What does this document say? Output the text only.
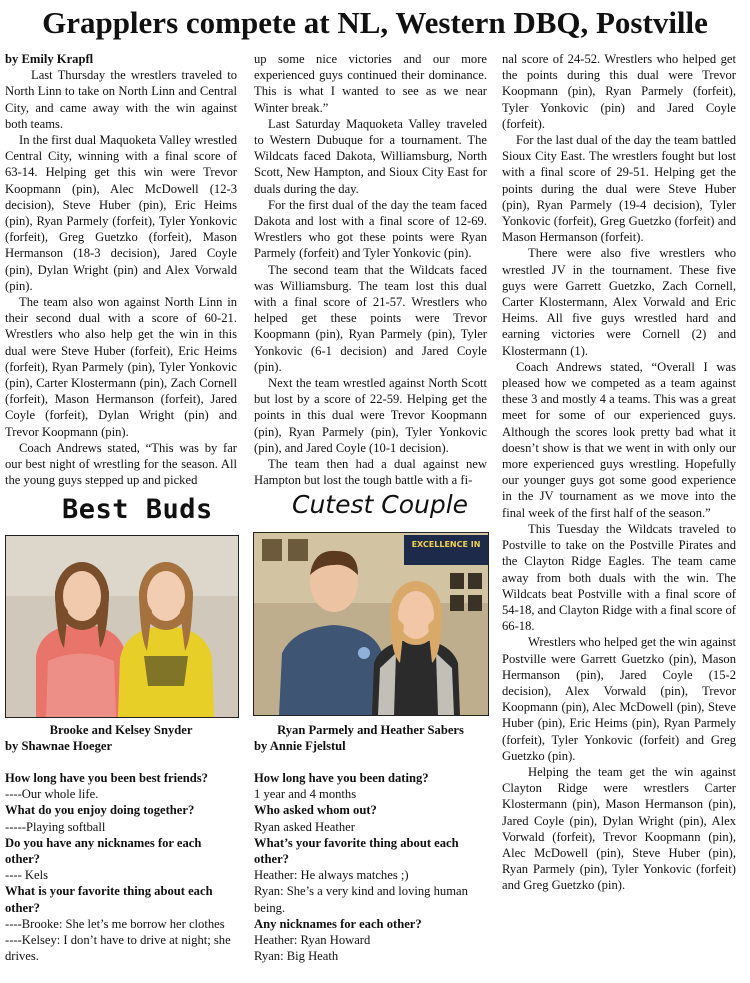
Grapplers compete at NL, Western DBQ, Postville

by Emily Krapfl

Last Thursday the wrestlers traveled to North Linn to take on North Linn and Central City, and came away with the win against both teams.

In the first dual Maquoketa Valley wrestled Central City, winning with a final score of 63-14. Helping get this win were Trevor Koopmann (pin), Alec McDowell (12-3 decision), Steve Huber (pin), Eric Heims (pin), Ryan Parmely (forfeit), Tyler Yonkovic (forfeit), Greg Guetzko (forfeit), Mason Hermanson (18-3 decision), Jared Coyle (pin), Dylan Wright (pin) and Alex Vorwald (pin).

The team also won against North Linn in their second dual with a score of 60-21. Wrestlers who also help get the win in this dual were Steve Huber (forfeit), Eric Heims (forfeit), Ryan Parmely (pin), Tyler Yonkovic (pin), Carter Klostermann (pin), Zach Cornell (forfeit), Mason Hermanson (forfeit), Jared Coyle (forfeit), Dylan Wright (pin) and Trevor Koopmann (pin).

Coach Andrews stated, “This was by far our best night of wrestling for the season. All the young guys stepped up and picked

up some nice victories and our more experienced guys continued their dominance. This is what I wanted to see as we near Winter break.”

Last Saturday Maquoketa Valley traveled to Western Dubuque for a tournament. The Wildcats faced Dakota, Williamsburg, North Scott, New Hampton, and Sioux City East for duals during the day.

For the first dual of the day the team faced Dakota and lost with a final score of 12-69. Wrestlers who got these points were Ryan Parmely (forfeit) and Tyler Yonkovic (pin).

The second team that the Wildcats faced was Williamsburg. The team lost this dual with a final score of 21-57. Wrestlers who helped get these points were Trevor Koopmann (pin), Ryan Parmely (pin), Tyler Yonkovic (6-1 decision) and Jared Coyle (pin).

Next the team wrestled against North Scott but lost by a score of 22-59. Helping get the points in this dual were Trevor Koopmann (pin), Ryan Parmely (pin), Tyler Yonkovic (pin), and Jared Coyle (10-1 decision).

The team then had a dual against new Hampton but lost the tough battle with a fi-

nal score of 24-52. Wrestlers who helped get the points during this dual were Trevor Koopmann (pin), Ryan Parmely (forfeit), Tyler Yonkovic (pin) and Jared Coyle (forfeit).

For the last dual of the day the team battled Sioux City East. The wrestlers fought but lost with a final score of 29-51. Helping get the points during the dual were Steve Huber (pin), Ryan Parmely (19-4 decision), Tyler Yonkovic (forfeit), Greg Guetzko (forfeit) and Mason Hermanson (forfeit).

There were also five wrestlers who wrestled JV in the tournament. These five guys were Garrett Guetzko, Zach Cornell, Carter Klostermann, Alex Vorwald and Eric Heims. All five guys wrestled hard and earning victories were Cornell (2) and Klostermann (1).

Coach Andrews stated, “Overall I was pleased how we competed as a team against these 3 and mostly 4 a teams. This was a great meet for some of our experienced guys. Although the scores look pretty bad what it doesn’t show is that we went in with only our more experienced guys wrestling. Hopefully our younger guys got some good experience in the JV tournament as we move into the final week of the first half of the season.”

This Tuesday the Wildcats traveled to Postville to take on the Postville Pirates and the Clayton Ridge Eagles. The team came away from both duals with the win. The Wildcats beat Postville with a final score of 54-18, and Clayton Ridge with a final score of 66-18.

Wrestlers who helped get the win against Postville were Garrett Guetzko (pin), Mason Hermanson (pin), Jared Coyle (15-2 decision), Alex Vorwald (pin), Trevor Koopmann (pin), Alec McDowell (pin), Steve Huber (pin), Eric Heims (pin), Ryan Parmely (forfeit), Tyler Yonkovic (forfeit) and Greg Guetzko (pin).

Helping the team get the win against Clayton Ridge were wrestlers Carter Klostermann (pin), Mason Hermanson (pin), Jared Coyle (pin), Dylan Wright (pin), Alex Vorwald (forfeit), Trevor Koopmann (pin), Alec McDowell (pin), Steve Huber (pin), Ryan Parmely (pin), Tyler Yonkovic (forfeit) and Greg Guetzko (pin).

Best Buds
Brooke and Kelsey Snyder
by Shawnae Hoeger

How long have you been best friends?

----Our whole life.

What do you enjoy doing together?

-----Playing softball

Do you have any nicknames for each other?

---- Kels

What is your favorite thing about each other?

----Brooke: She let’s me borrow her clothes

----Kelsey: I don’t have to drive at night; she drives.

Cutest Couple
EXCELLENCE IN
Ryan Parmely and Heather Sabers
by Annie Fjelstul

How long have you been dating?

1 year and 4 months

Who asked whom out?

Ryan asked Heather

What’s your favorite thing about each other?

Heather: He always matches ;)

Ryan: She’s a very kind and loving human being.

Any nicknames for each other?

Heather: Ryan Howard

Ryan: Big Heath
